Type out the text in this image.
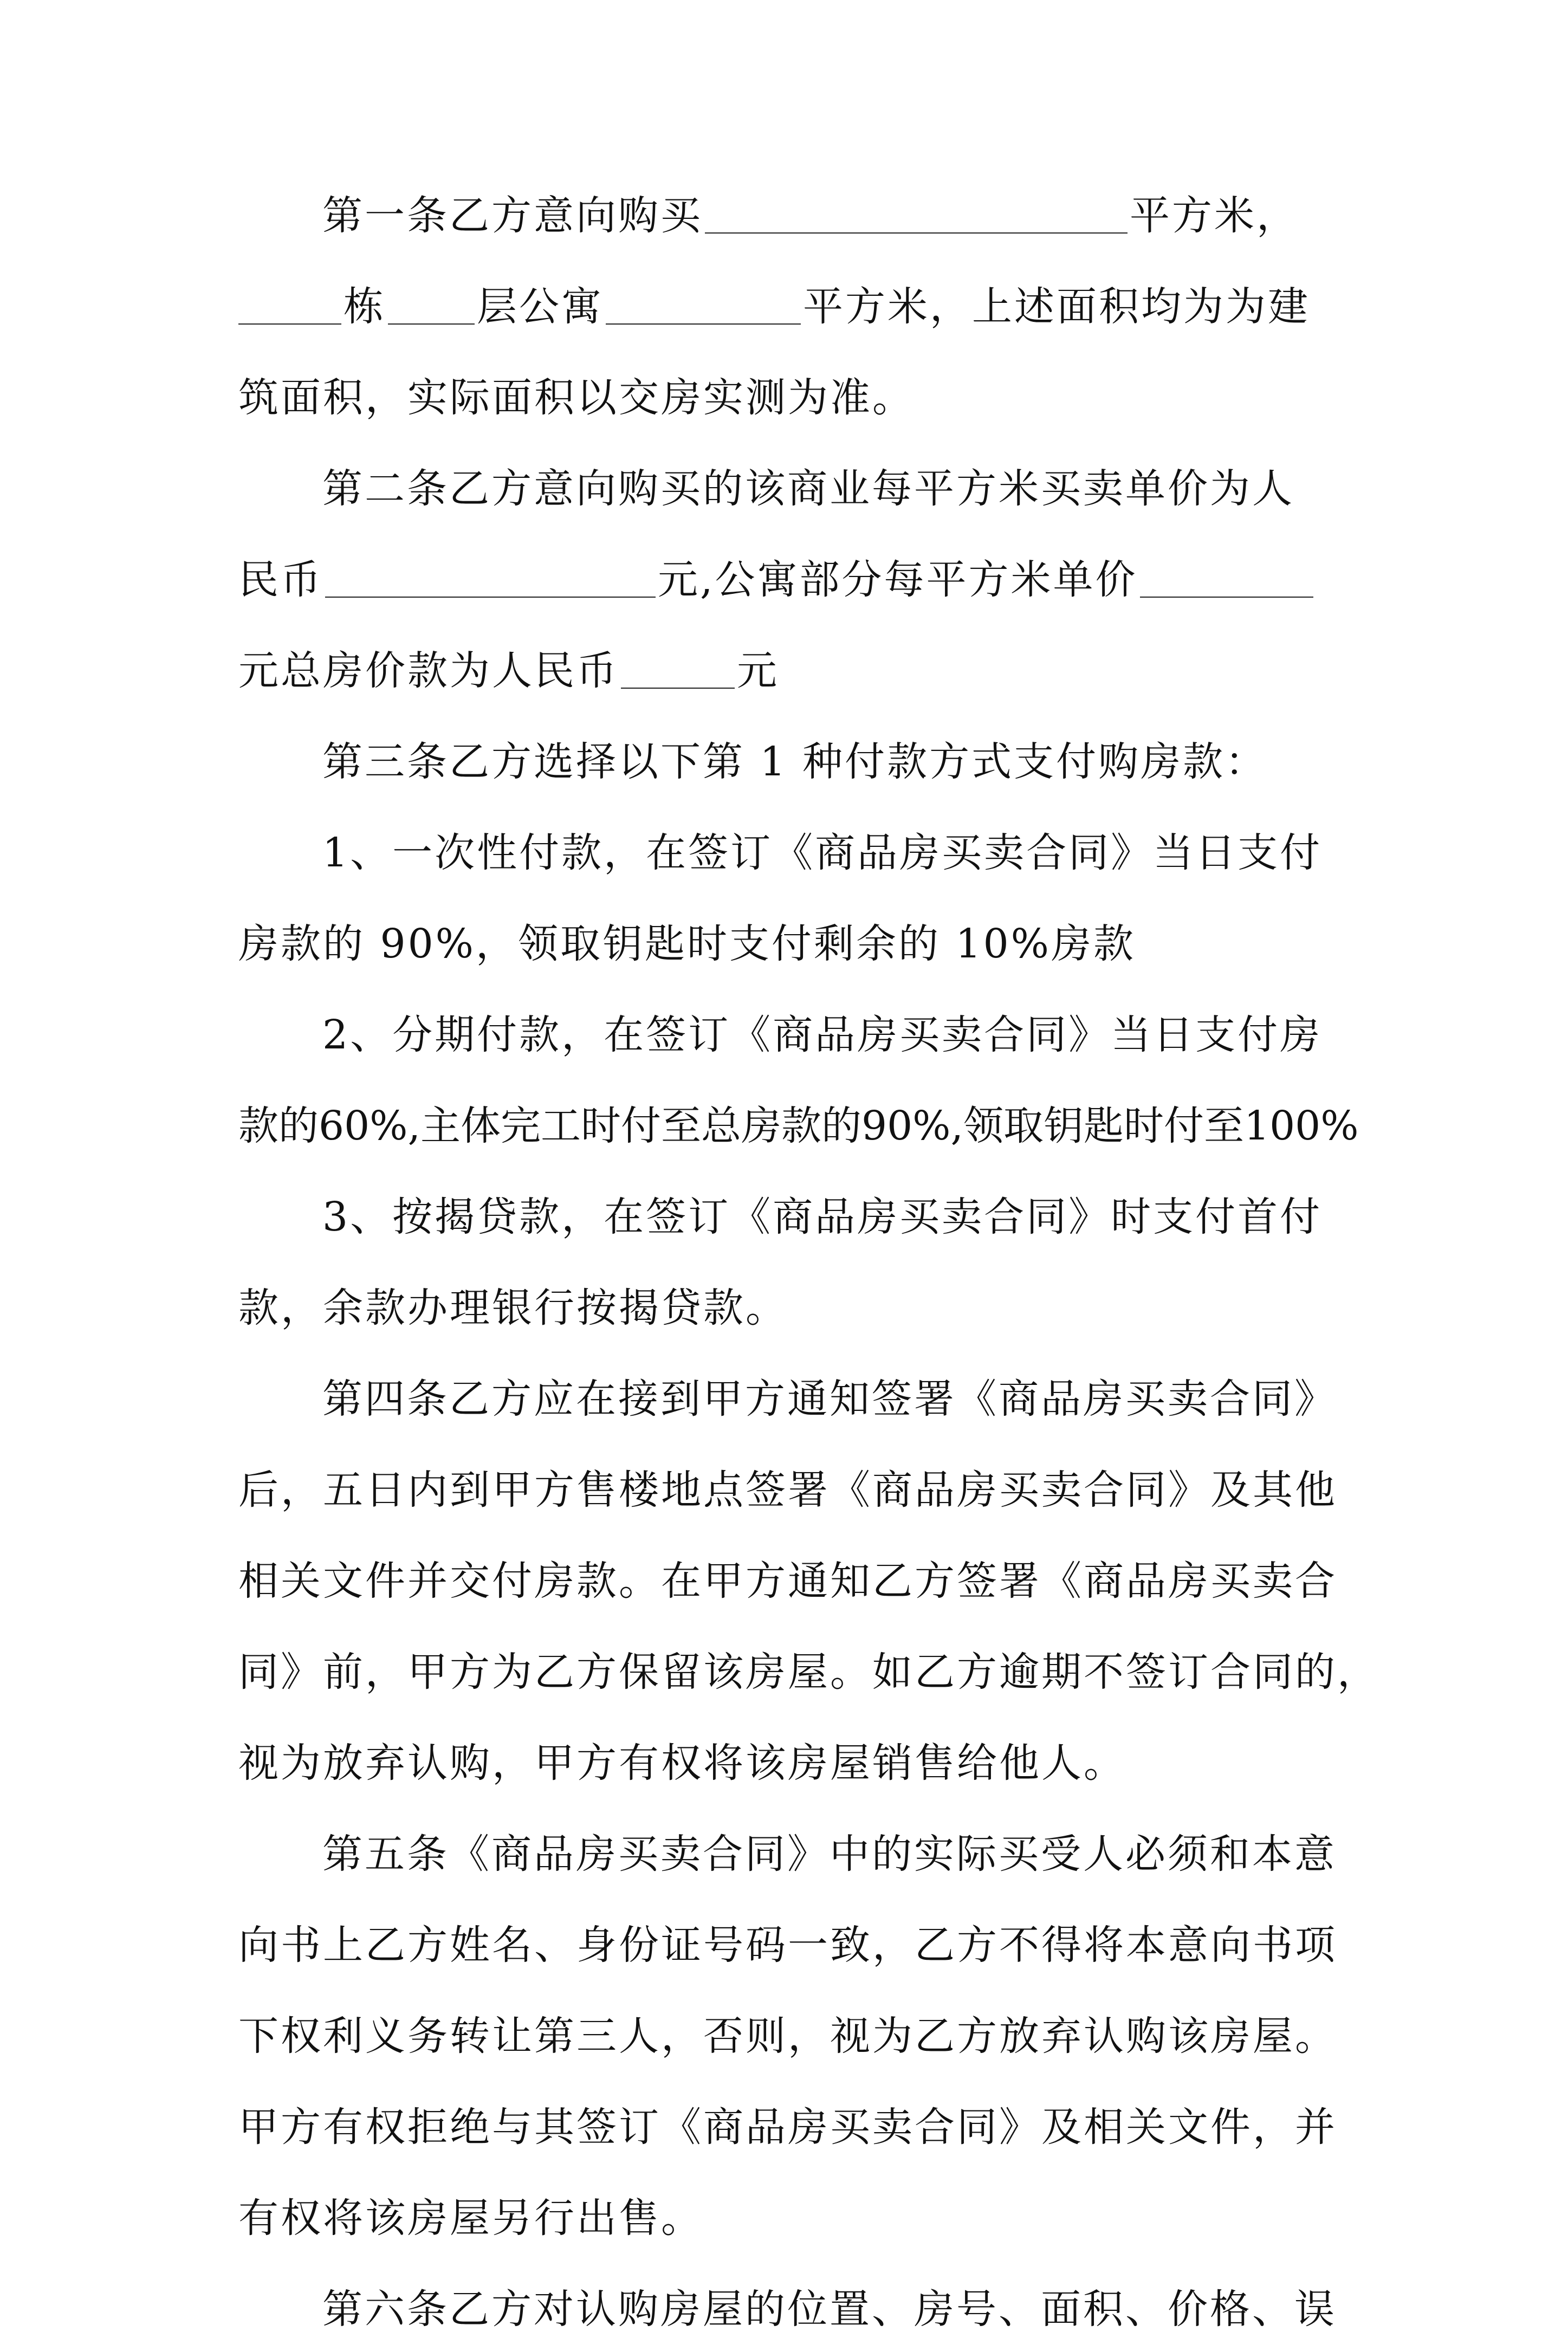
第一条乙方意向购买	平方米，
栋 层公寓	平方米，上述面积均为为建
筑面积，实际面积以交房实测为准。
第二条乙方意向购买的该商业每平方米买卖单价为人
民币	元,公寓部分每平方米单价
元总房价款为人民币	元
第三条乙方选择以下第 1 种付款方式支付购房款：
1、一次性付款，在签订《商品房买卖合同》当日支付
房款的 90%，领取钥匙时支付剩余的 10%房款
2、分期付款，在签订《商品房买卖合同》当日支付房
款的60%,主体完工时付至总房款的90%,领取钥匙时付至100%
3、按揭贷款，在签订《商品房买卖合同》时支付首付
款，余款办理银行按揭贷款。
第四条乙方应在接到甲方通知签署《商品房买卖合同》
后，五日内到甲方售楼地点签署《商品房买卖合同》及其他
相关文件并交付房款。在甲方通知乙方签署《商品房买卖合
同》前，甲方为乙方保留该房屋。如乙方逾期不签订合同的，
视为放弃认购，甲方有权将该房屋销售给他人。
第五条《商品房买卖合同》中的实际买受人必须和本意
向书上乙方姓名、身份证号码一致，乙方不得将本意向书项
下权利义务转让第三人，否则，视为乙方放弃认购该房屋。
甲方有权拒绝与其签订《商品房买卖合同》及相关文件，并
有权将该房屋另行出售。
第六条乙方对认购房屋的位置、房号、面积、价格、误
